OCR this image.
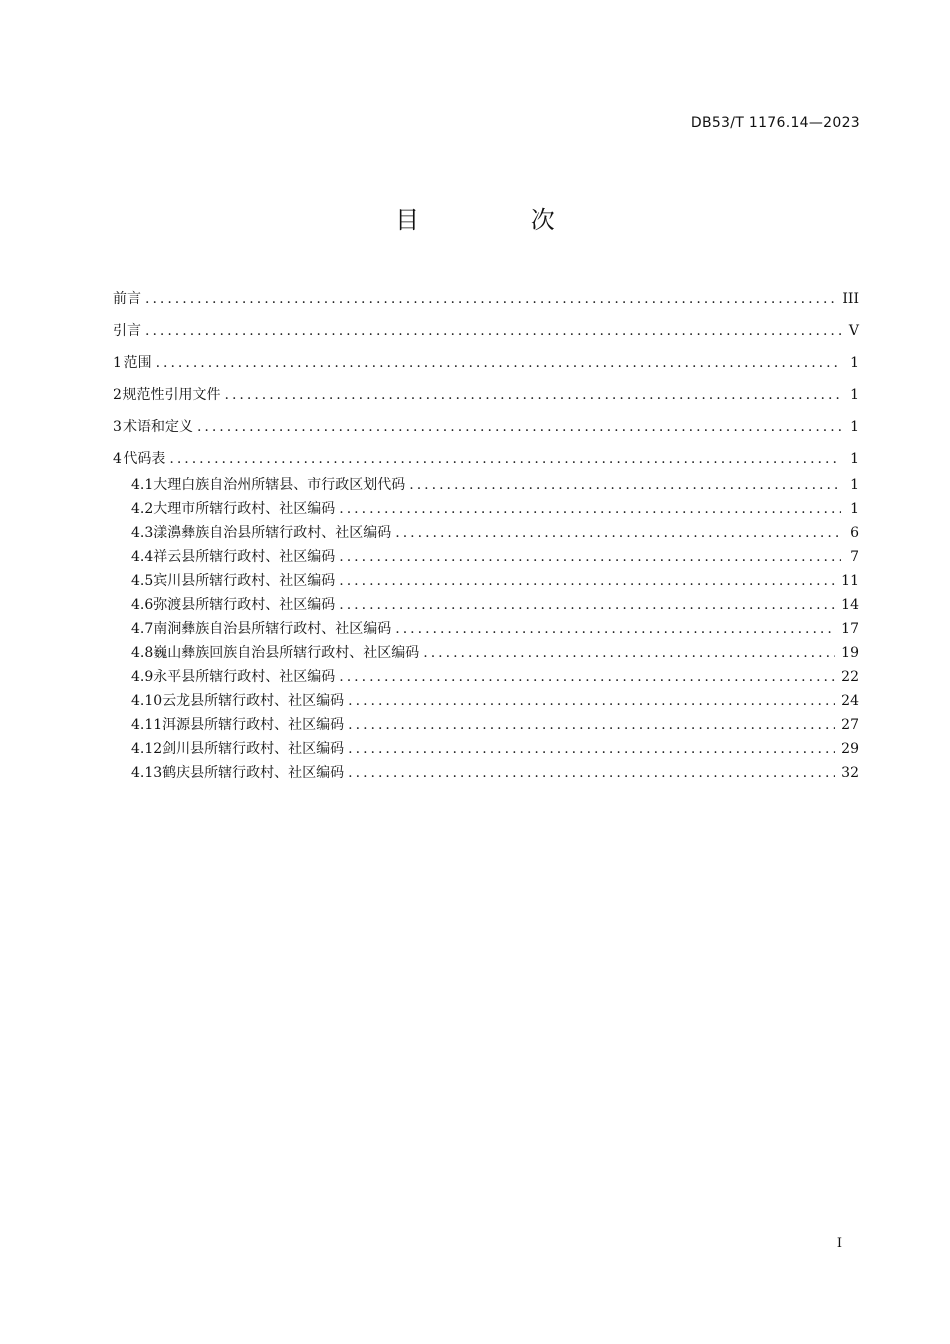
DB53/T 1176.14—2023
目 次
前言 .....	III
引言 .....	V
1 范围 .....	1
2 规范性引用文件 .....	1
3 术语和定义 .....	1
4 代码表 .....	1
4.1 大理白族自治州所辖县、市行政区划代码 .....	1
4.2 大理市所辖行政村、社区编码 .....	1
4.3 漾濞彝族自治县所辖行政村、社区编码 .....	6
4.4 祥云县所辖行政村、社区编码 .....	7
4.5 宾川县所辖行政村、社区编码 .....	11
4.6 弥渡县所辖行政村、社区编码 .....	14
4.7 南涧彝族自治县所辖行政村、社区编码 .....	17
4.8 巍山彝族回族自治县所辖行政村、社区编码 .....	19
4.9 永平县所辖行政村、社区编码 .....	22
4.10 云龙县所辖行政村、社区编码 .....	24
4.11 洱源县所辖行政村、社区编码 .....	27
4.12 剑川县所辖行政村、社区编码 .....	29
4.13 鹤庆县所辖行政村、社区编码 .....	32
I
